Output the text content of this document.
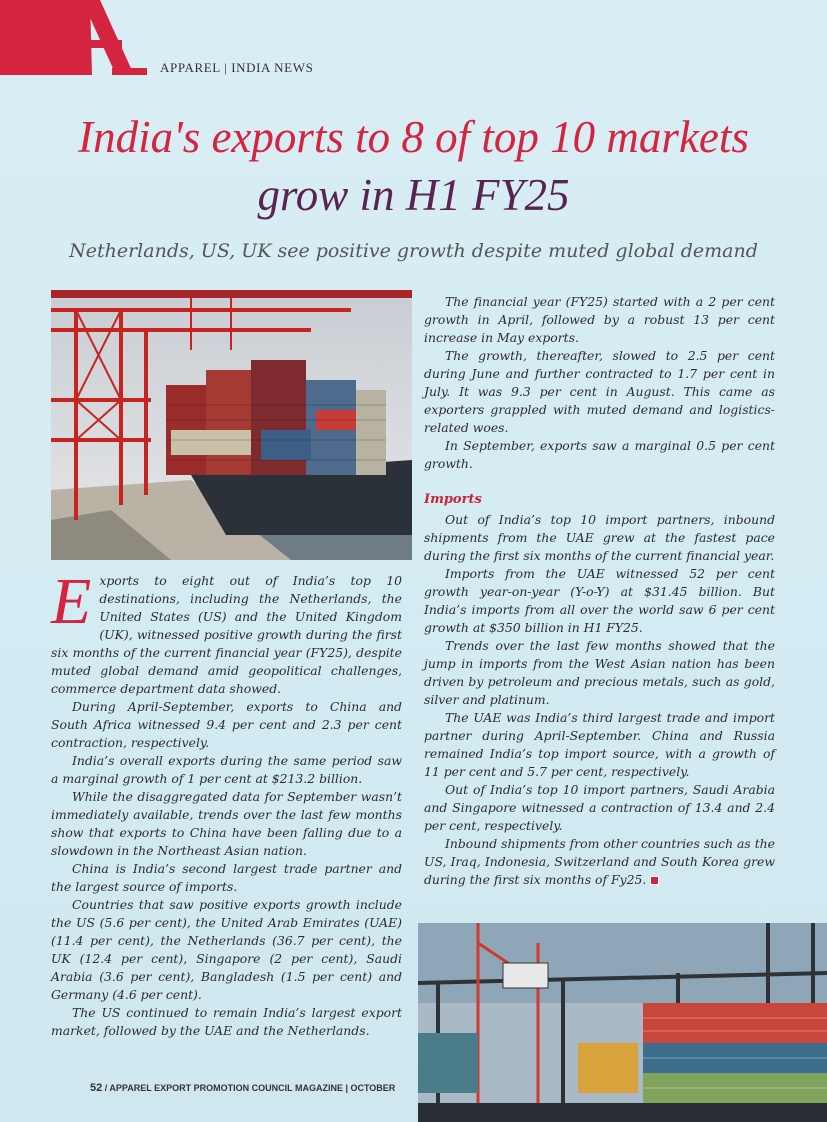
APPAREL | INDIA NEWS
India's exports to 8 of top 10 markets
grow in H1 FY25
Netherlands, US, UK see positive growth despite muted global demand

Exports to eight out of India’s top 10 destinations, including the Netherlands, the United States (US) and the United Kingdom (UK), witnessed positive growth during the first six months of the current financial year (FY25), despite muted global demand amid geopolitical challenges, commerce department data showed.

During April-September, exports to China and South Africa witnessed 9.4 per cent and 2.3 per cent contraction, respectively.

India’s overall exports during the same period saw a marginal growth of 1 per cent at $213.2 billion.

While the disaggregated data for September wasn’t immediately available, trends over the last few months show that exports to China have been falling due to a slowdown in the Northeast Asian nation.

China is India’s second largest trade partner and the largest source of imports.

Countries that saw positive exports growth include the US (5.6 per cent), the United Arab Emirates (UAE) (11.4 per cent), the Netherlands (36.7 per cent), the UK (12.4 per cent), Singapore (2 per cent), Saudi Arabia (3.6 per cent), Bangladesh (1.5 per cent) and Germany (4.6 per cent).

The US continued to remain India’s largest export market, followed by the UAE and the Netherlands.

The financial year (FY25) started with a 2 per cent growth in April, followed by a robust 13 per cent increase in May exports.

The growth, thereafter, slowed to 2.5 per cent during June and further contracted to 1.7 per cent in July. It was 9.3 per cent in August. This came as exporters grappled with muted demand and logistics-related woes.

In September, exports saw a marginal 0.5 per cent growth.

Imports

Out of India’s top 10 import partners, inbound shipments from the UAE grew at the fastest pace during the first six months of the current financial year.

Imports from the UAE witnessed 52 per cent growth year-on-year (Y-o-Y) at $31.45 billion. But India’s imports from all over the world saw 6 per cent growth at $350 billion in H1 FY25.

Trends over the last few months showed that the jump in imports from the West Asian nation has been driven by petroleum and precious metals, such as gold, silver and platinum.

The UAE was India’s third largest trade and import partner during April-September. China and Russia remained India’s top import source, with a growth of 11 per cent and 5.7 per cent, respectively.

Out of India’s top 10 import partners, Saudi Arabia and Singapore witnessed a contraction of 13.4 and 2.4 per cent, respectively.

Inbound shipments from other countries such as the US, Iraq, Indonesia, Switzerland and South Korea grew during the first six months of Fy25.

52 / APPAREL EXPORT PROMOTION COUNCIL MAGAZINE | OCTOBER
